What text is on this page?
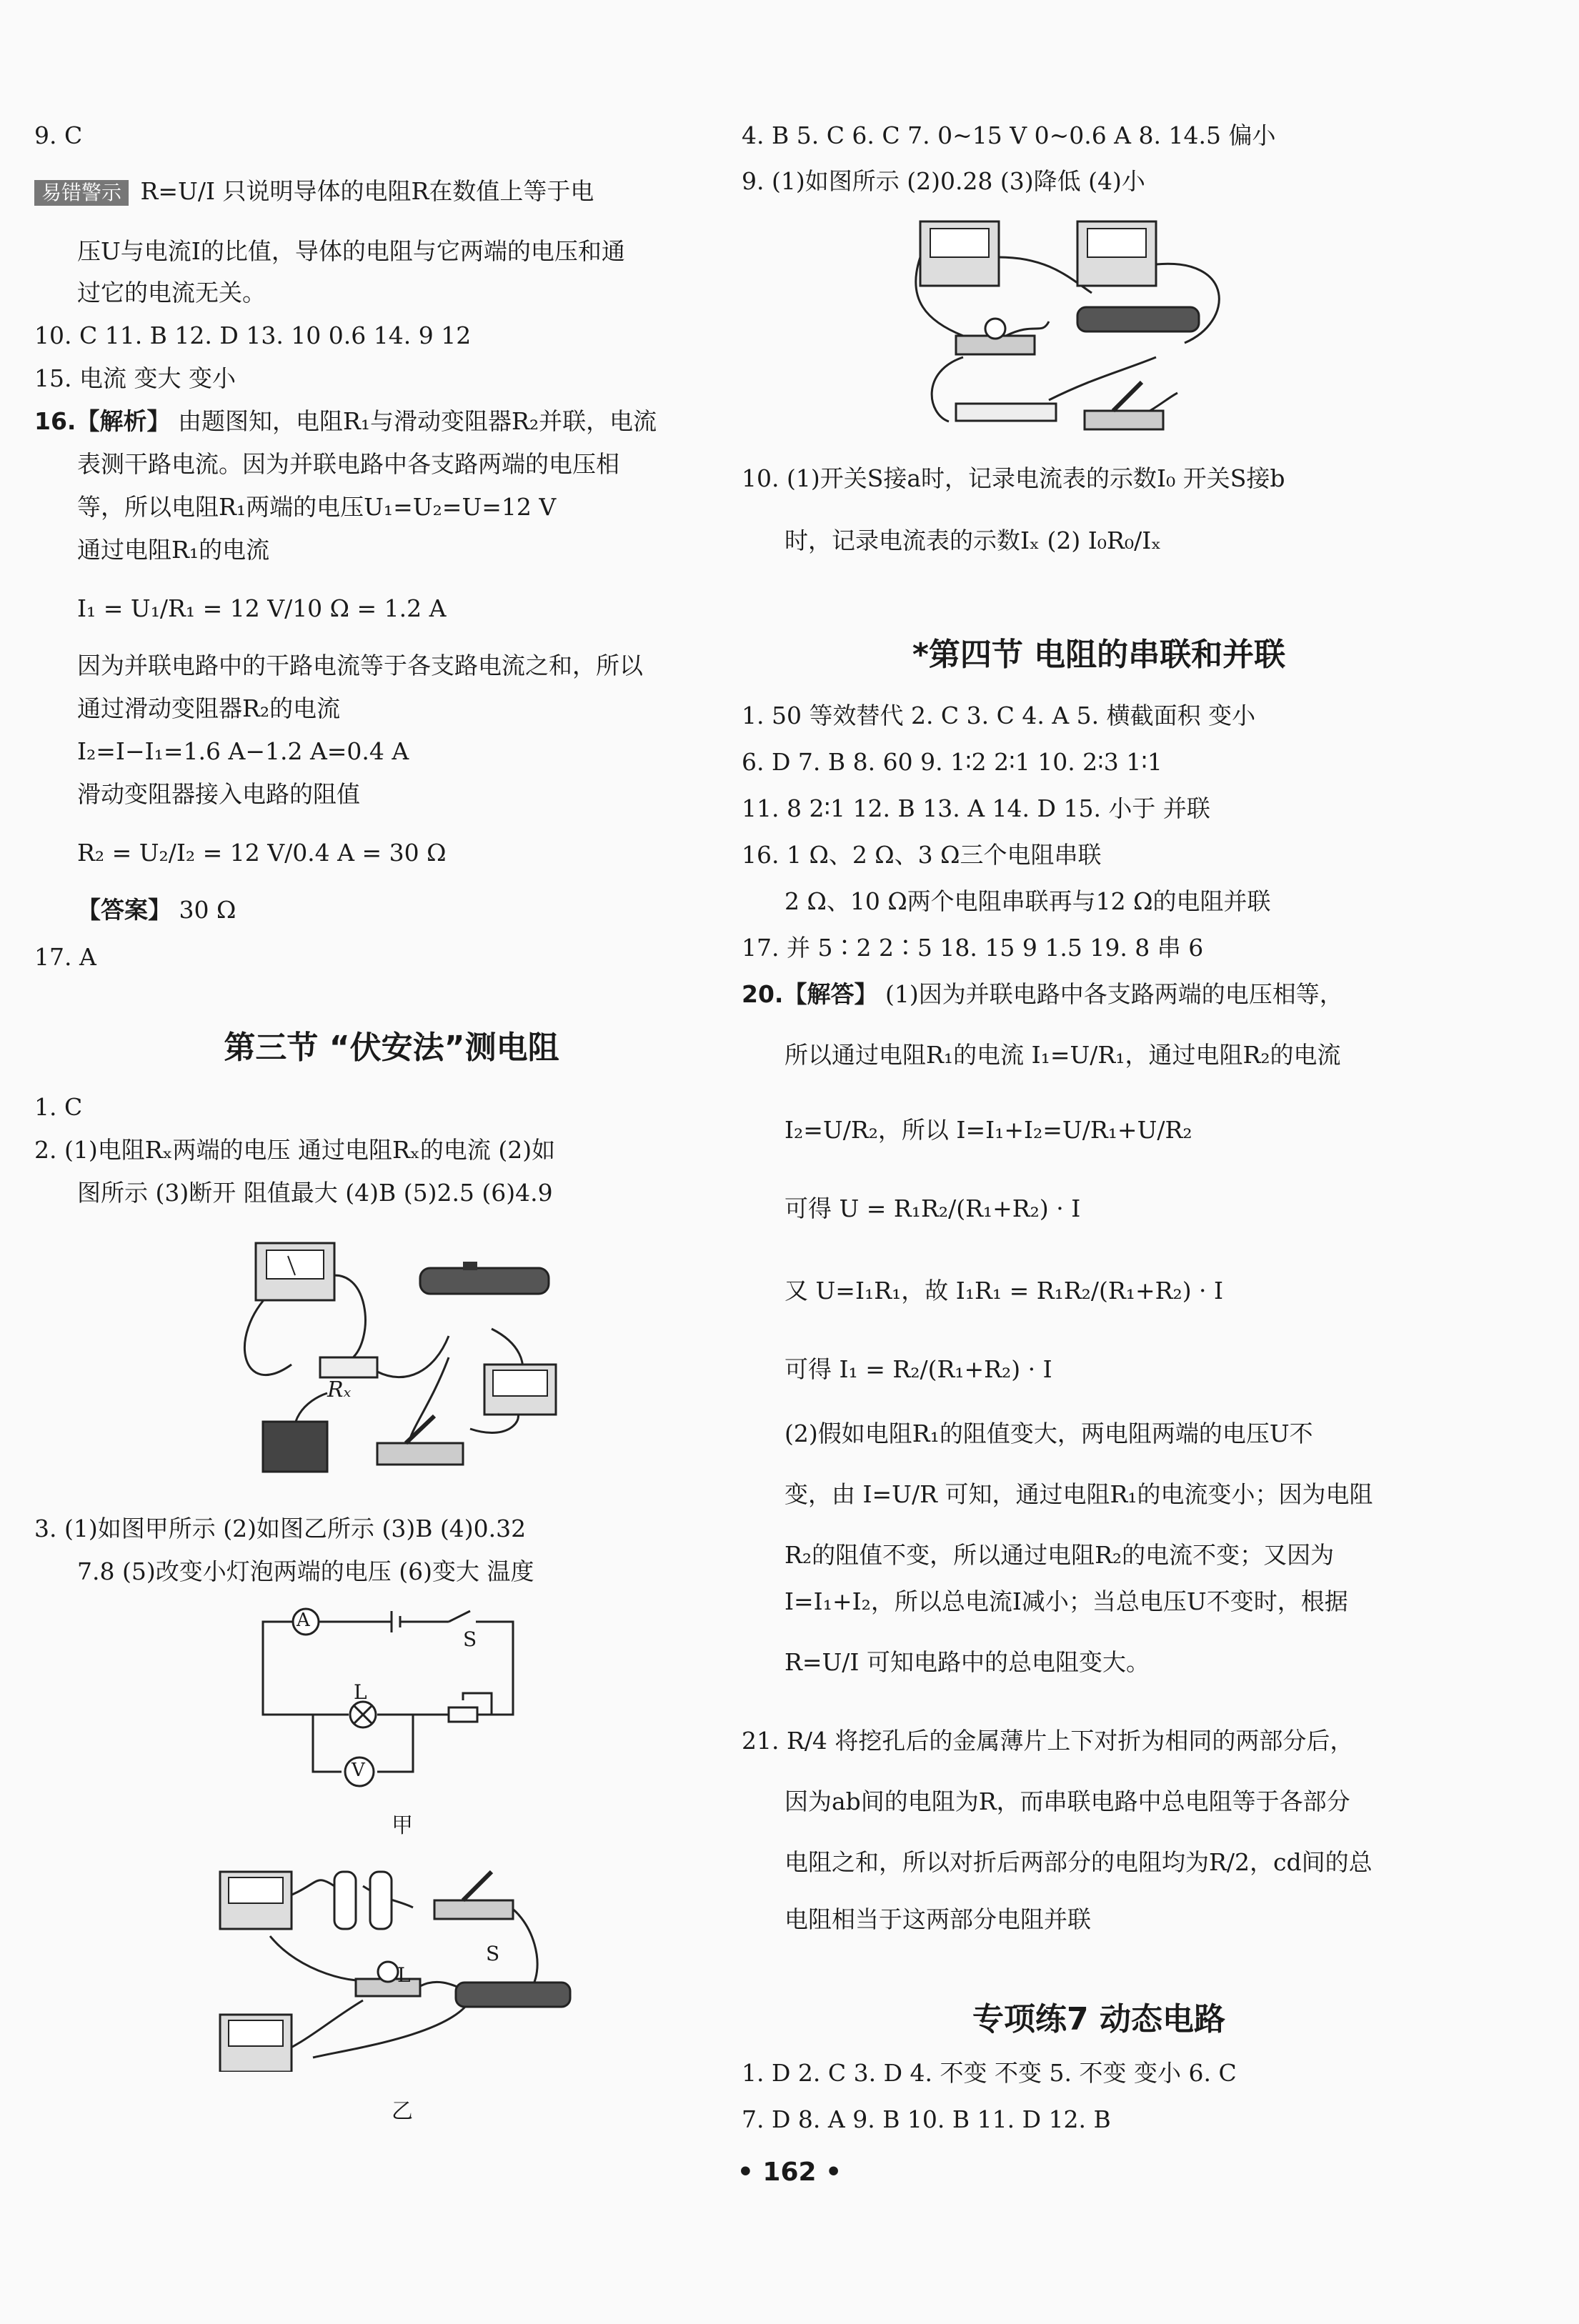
9. C
易错警示 R=U/I 只说明导体的电阻R在数值上等于电
压U与电流I的比值，导体的电阻与它两端的电压和通
过它的电流无关。
10. C 11. B 12. D 13. 10 0.6 14. 9 12
15. 电流 变大 变小
16.【解析】 由题图知，电阻R₁与滑动变阻器R₂并联，电流
表测干路电流。因为并联电路中各支路两端的电压相
等，所以电阻R₁两端的电压U₁=U₂=U=12 V
通过电阻R₁的电流
I₁ = U₁/R₁ = 12 V/10 Ω = 1.2 A
因为并联电路中的干路电流等于各支路电流之和，所以
通过滑动变阻器R₂的电流
I₂=I−I₁=1.6 A−1.2 A=0.4 A
滑动变阻器接入电路的阻值
R₂ = U₂/I₂ = 12 V/0.4 A = 30 Ω
【答案】 30 Ω
17. A
第三节 “伏安法”测电阻
1. C
2. (1)电阻Rₓ两端的电压 通过电阻Rₓ的电流 (2)如
图所示 (3)断开 阻值最大 (4)B (5)2.5 (6)4.9
Rₓ
3. (1)如图甲所示 (2)如图乙所示 (3)B (4)0.32
7.8 (5)改变小灯泡两端的电压 (6)变大 温度
A
V
S
L
甲
S
L
乙
4. B 5. C 6. C 7. 0~15 V 0~0.6 A 8. 14.5 偏小
9. (1)如图所示 (2)0.28 (3)降低 (4)小
10. (1)开关S接a时，记录电流表的示数I₀ 开关S接b
时，记录电流表的示数Iₓ (2) I₀R₀/Iₓ
*第四节 电阻的串联和并联
1. 50 等效替代 2. C 3. C 4. A 5. 横截面积 变小
6. D 7. B 8. 60 9. 1∶2 2∶1 10. 2∶3 1∶1
11. 8 2∶1 12. B 13. A 14. D 15. 小于 并联
16. 1 Ω、2 Ω、3 Ω三个电阻串联
2 Ω、10 Ω两个电阻串联再与12 Ω的电阻并联
17. 并 5∶2 2∶5 18. 15 9 1.5 19. 8 串 6
20.【解答】 (1)因为并联电路中各支路两端的电压相等，
所以通过电阻R₁的电流 I₁=U/R₁，通过电阻R₂的电流
I₂=U/R₂，所以 I=I₁+I₂=U/R₁+U/R₂
可得 U = R₁R₂/(R₁+R₂) · I
又 U=I₁R₁，故 I₁R₁ = R₁R₂/(R₁+R₂) · I
可得 I₁ = R₂/(R₁+R₂) · I
(2)假如电阻R₁的阻值变大，两电阻两端的电压U不
变，由 I=U/R 可知，通过电阻R₁的电流变小；因为电阻
R₂的阻值不变，所以通过电阻R₂的电流不变；又因为
I=I₁+I₂，所以总电流I减小；当总电压U不变时，根据
R=U/I 可知电路中的总电阻变大。
21. R/4 将挖孔后的金属薄片上下对折为相同的两部分后，
因为ab间的电阻为R，而串联电路中总电阻等于各部分
电阻之和，所以对折后两部分的电阻均为R/2，cd间的总
电阻相当于这两部分电阻并联
专项练7 动态电路
1. D 2. C 3. D 4. 不变 不变 5. 不变 变小 6. C
7. D 8. A 9. B 10. B 11. D 12. B
• 162 •
